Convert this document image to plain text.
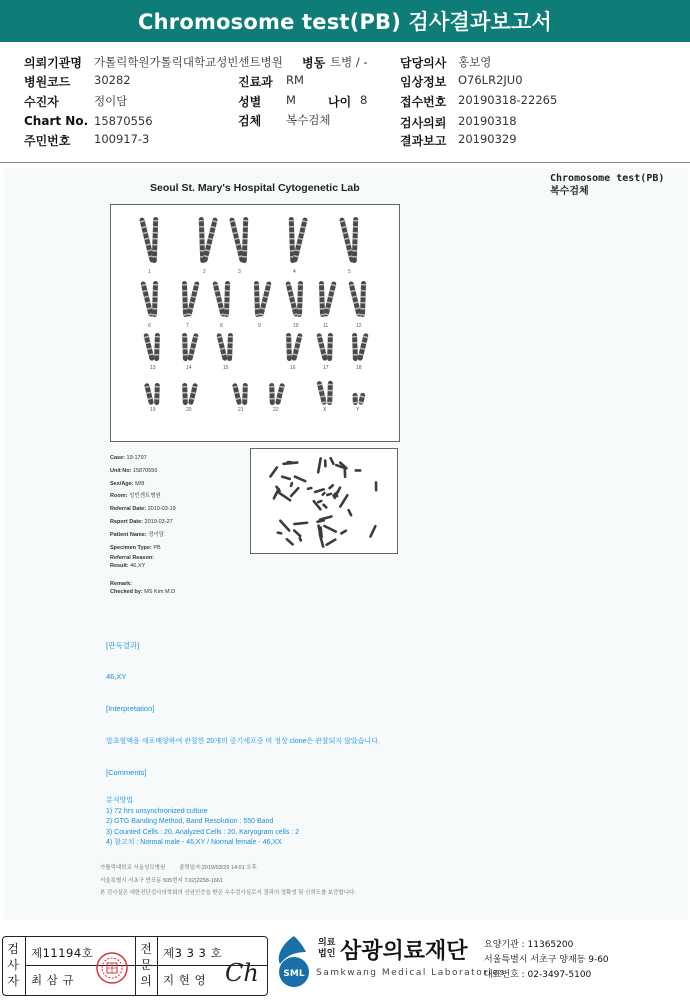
Chromosome test(PB) 검사결과보고서
의뢰기관명 가톨릭학원가톨릭대학교성빈센트병원 병동 트병 / -	담당의사 홍보영
병원코드 30282	진료과 RM	임상정보 O76LR2JU0
수진자	정이담	성별 M	나이 8	접수번호 20190318-22265
Chart No. 15870556	검체 복수검체	검사의뢰 20190318
주민번호 100917-3	결과보고 20190329
Chromosome test(PB)
복수검체
Seoul St. Mary's Hospital Cytogenetic Lab
1	2	3	4	5
6	7	8	9	10	11	12
13	14	15	16	17	18
19	20	21	22	X	Y
Case: 19-1797
Unit No: 15870556
Sex/Age: M/8
Room: 성빈센트병원
Referral Date: 2019-03-19
Report Date: 2019-03-27
Patient Name: 정이담
Specimen Type: PB
Referral Reason:
Result: 46,XY
Remark:
Checked by: MS Kim M.D
[판독결과]
46,XY
[Interpretation]
말초혈액을 세포배양하여 관찰한 20개의 중기세포중 비 정상 clone은 관찰되지 않았습니다.
[Comments]
분석방법
1) 72 hrs unsynchronized culture
2) GTG Banding Method, Band Resolution : 550 Band
3) Counted Cells : 20, Analyzed Cells : 20, Karyogram cells : 2
4) 참고치 : Normal male - 46,XY / Normal female - 46,XX
가톨릭대학교 서울성모병원	출력일자:2019/03/29 14:01 오후
서울특별시 서초구 반포동 505번지 T.02)2258-1661
본 검사실은 대한진단검사의학회의 신임인증을 받은 우수검사실로서 결과의 정확성 및 신뢰도를 보증합니다.
검
사
자
제11194호
최 삼 규
전
문
의
제3 3 3 호
지 현 영 Ch	SML
의료
법인 삼광의료재단
Samkwang Medical Laboratories
요양기관 : 11365200
서울특별시 서초구 양재동 9-60
대표번호 : 02-3497-5100
